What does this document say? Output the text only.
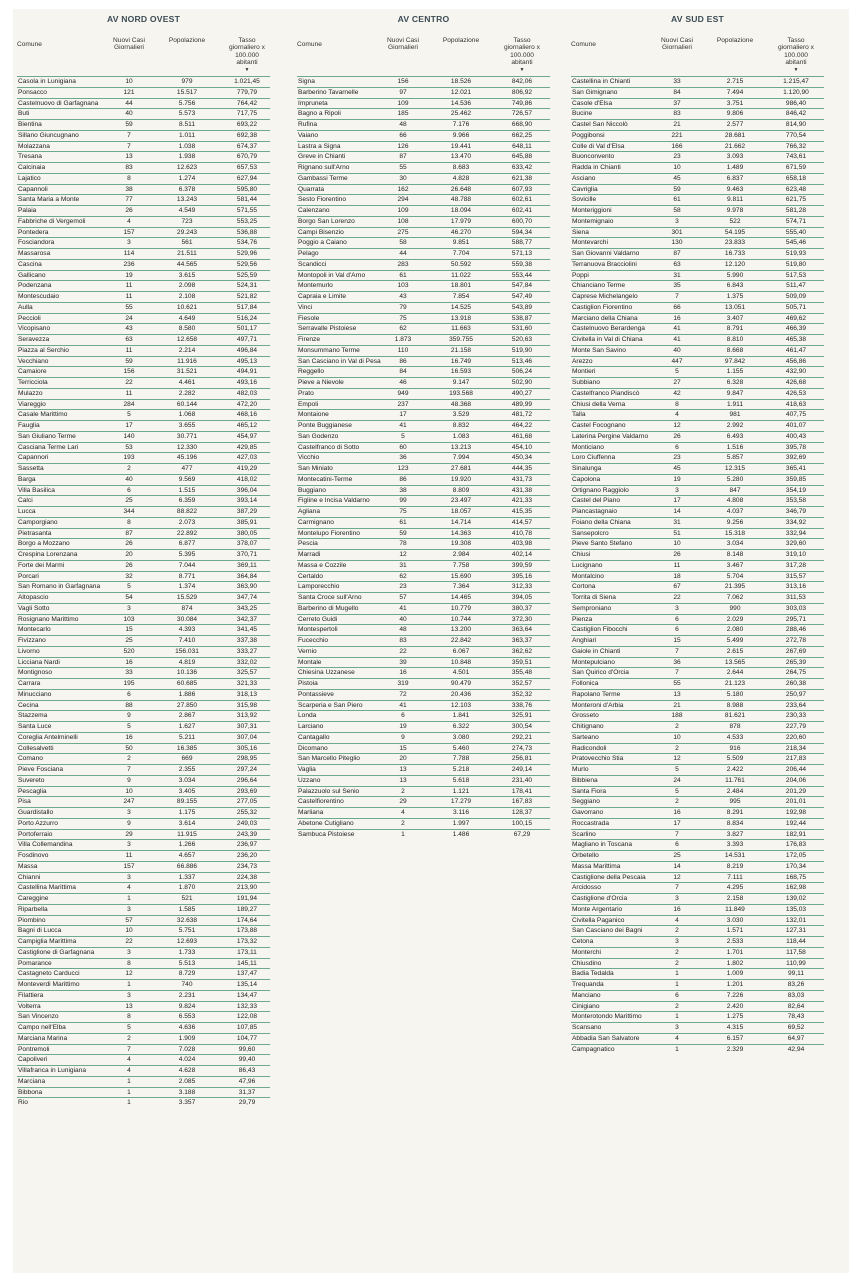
AV NORD OVEST
Comune
Nuovi Casi
Giornalieri
Popolazione	Tasso
giornaliero x
100.000
abitanti
▼
Casola in Lunigiana	10	979	1.021,45
Ponsacco	121	15.517	779,79
Castelnuovo di Garfagnana	44	5.756	764,42
Buti	40	5.573	717,75
Bientina	59	8.511	693,22
Sillano Giuncugnano	7	1.011	692,38
Molazzana	7	1.038	674,37
Tresana	13	1.938	670,79
Calcinaia	83	12.623	657,53
Lajatico	8	1.274	627,94
Capannoli	38	6.378	595,80
Santa Maria a Monte	77	13.243	581,44
Palaia	26	4.549	571,55
Fabbriche di Vergemoli	4	723	553,25
Pontedera	157	29.243	536,88
Fosciandora	3	561	534,76
Massarosa	114	21.511	529,96
Cascina	236	44.565	529,56
Gallicano	19	3.615	525,59
Podenzana	11	2.098	524,31
Montescudaio	11	2.108	521,82
Aulla	55	10.621	517,84
Peccioli	24	4.649	516,24
Vicopisano	43	8.580	501,17
Seravezza	63	12.658	497,71
Piazza al Serchio	11	2.214	496,84
Vecchiano	59	11.916	495,13
Camaiore	156	31.521	494,91
Terricciola	22	4.461	493,16
Mulazzo	11	2.282	482,03
Viareggio	284	60.144	472,20
Casale Marittimo	5	1.068	468,16
Fauglia	17	3.655	465,12
San Giuliano Terme	140	30.771	454,97
Casciana Terme Lari	53	12.330	429,85
Capannori	193	45.196	427,03
Sassetta	2	477	419,29
Barga	40	9.569	418,02
Villa Basilica	6	1.515	396,04
Calci	25	6.359	393,14
Lucca	344	88.822	387,29
Camporgiano	8	2.073	385,91
Pietrasanta	87	22.892	380,05
Borgo a Mozzano	26	6.877	378,07
Crespina Lorenzana	20	5.395	370,71
Forte dei Marmi	26	7.044	369,11
Porcari	32	8.771	364,84
San Romano in Garfagnana	5	1.374	363,90
Altopascio	54	15.529	347,74
Vagli Sotto	3	874	343,25
Rosignano Marittimo	103	30.084	342,37
Montecarlo	15	4.393	341,45
Fivizzano	25	7.410	337,38
Livorno	520	156.031	333,27
Licciana Nardi	16	4.819	332,02
Montignoso	33	10.136	325,57
Carrara	195	60.685	321,33
Minucciano	6	1.886	318,13
Cecina	88	27.850	315,98
Stazzema	9	2.867	313,92
Santa Luce	5	1.627	307,31
Coreglia Antelminelli	16	5.211	307,04
Collesalvetti	50	16.385	305,16
Comano	2	669	298,95
Pieve Fosciana	7	2.355	297,24
Suvereto	9	3.034	296,64
Pescaglia	10	3.405	293,69
Pisa	247	89.155	277,05
Guardistallo	3	1.175	255,32
Porto Azzurro	9	3.614	249,03
Portoferraio	29	11.915	243,39
Villa Collemandina	3	1.266	236,97
Fosdinovo	11	4.657	236,20
Massa	157	66.886	234,73
Chianni	3	1.337	224,38
Castellina Marittima	4	1.870	213,90
Careggine	1	521	191,94
Riparbella	3	1.585	189,27
Piombino	57	32.638	174,64
Bagni di Lucca	10	5.751	173,88
Campiglia Marittima	22	12.693	173,32
Castiglione di Garfagnana	3	1.733	173,11
Pomarance	8	5.513	145,11
Castagneto Carducci	12	8.729	137,47
Monteverdi Marittimo	1	740	135,14
Filattiera	3	2.231	134,47
Volterra	13	9.824	132,33
San Vincenzo	8	6.553	122,08
Campo nell'Elba	5	4.636	107,85
Marciana Marina	2	1.909	104,77
Pontremoli	7	7.028	99,60
Capoliveri	4	4.024	99,40
Villafranca in Lunigiana	4	4.628	86,43
Marciana	1	2.085	47,96
Bibbona	1	3.188	31,37
Rio	1	3.357	29,79
AV CENTRO
Comune
Nuovi Casi
Giornalieri
Popolazione	Tasso
giornaliero x
100.000
abitanti
▼
Signa	156	18.526	842,06
Barberino Tavarnelle	97	12.021	806,92
Impruneta	109	14.536	749,86
Bagno a Ripoli	185	25.462	726,57
Rufina	48	7.176	668,90
Vaiano	66	9.966	662,25
Lastra a Signa	126	19.441	648,11
Greve in Chianti	87	13.470	645,88
Rignano sull'Arno	55	8.683	633,42
Gambassi Terme	30	4.828	621,38
Quarrata	162	26.648	607,93
Sesto Fiorentino	294	48.788	602,61
Calenzano	109	18.094	602,41
Borgo San Lorenzo	108	17.979	600,70
Campi Bisenzio	275	46.270	594,34
Poggio a Caiano	58	9.851	588,77
Pelago	44	7.704	571,13
Scandicci	283	50.592	559,38
Montopoli in Val d'Arno	61	11.022	553,44
Montemurlo	103	18.801	547,84
Capraia e Limite	43	7.854	547,49
Vinci	79	14.525	543,89
Fiesole	75	13.918	538,87
Serravalle Pistoiese	62	11.663	531,60
Firenze	1.873	359.755	520,63
Monsummano Terme	110	21.158	519,90
San Casciano in Val di Pesa	86	16.749	513,46
Reggello	84	16.593	506,24
Pieve a Nievole	46	9.147	502,90
Prato	949	193.568	490,27
Empoli	237	48.368	489,99
Montaione	17	3.529	481,72
Ponte Buggianese	41	8.832	464,22
San Godenzo	5	1.083	461,68
Castelfranco di Sotto	60	13.213	454,10
Vicchio	36	7.994	450,34
San Miniato	123	27.681	444,35
Montecatini-Terme	86	19.920	431,73
Buggiano	38	8.809	431,38
Figline e Incisa Valdarno	99	23.497	421,33
Agliana	75	18.057	415,35
Carmignano	61	14.714	414,57
Montelupo Fiorentino	59	14.363	410,78
Pescia	78	19.308	403,98
Marradi	12	2.984	402,14
Massa e Cozzile	31	7.758	399,59
Certaldo	62	15.690	395,16
Lamporecchio	23	7.364	312,33
Santa Croce sull'Arno	57	14.465	394,05
Barberino di Mugello	41	10.779	380,37
Cerreto Guidi	40	10.744	372,30
Montespertoli	48	13.200	363,64
Fucecchio	83	22.842	363,37
Vernio	22	6.067	362,62
Montale	39	10.848	359,51
Chiesina Uzzanese	16	4.501	355,48
Pistoia	319	90.479	352,57
Pontassieve	72	20.436	352,32
Scarperia e San Piero	41	12.103	338,76
Londa	6	1.841	325,91
Larciano	19	6.322	300,54
Cantagallo	9	3.080	292,21
Dicomano	15	5.460	274,73
San Marcello Piteglio	20	7.788	256,81
Vaglia	13	5.218	249,14
Uzzano	13	5.618	231,40
Palazzuolo sul Senio	2	1.121	178,41
Castelfiorentino	29	17.279	167,83
Marliana	4	3.116	128,37
Abetone Cutigliano	2	1.997	100,15
Sambuca Pistoiese	1	1.486	67,29
AV SUD EST
Comune
Nuovi Casi
Giornalieri
Popolazione	Tasso
giornaliero x
100.000
abitanti
▼
Castellina in Chianti	33	2.715	1.215,47
San Gimignano	84	7.494	1.120,90
Casole d'Elsa	37	3.751	986,40
Bucine	83	9.806	846,42
Castel San Niccolò	21	2.577	814,90
Poggibonsi	221	28.681	770,54
Colle di Val d'Elsa	166	21.662	766,32
Buonconvento	23	3.093	743,61
Radda in Chianti	10	1.489	671,59
Asciano	45	6.837	658,18
Cavriglia	59	9.463	623,48
Sovicille	61	9.811	621,75
Monteriggioni	58	9.978	581,28
Montemignaio	3	522	574,71
Siena	301	54.195	555,40
Montevarchi	130	23.833	545,46
San Giovanni Valdarno	87	16.733	519,93
Terranuova Bracciolini	63	12.120	519,80
Poppi	31	5.990	517,53
Chianciano Terme	35	6.843	511,47
Caprese Michelangelo	7	1.375	509,09
Castiglion Fiorentino	66	13.051	505,71
Marciano della Chiana	16	3.407	469,62
Castelnuovo Berardenga	41	8.791	466,39
Civitella in Val di Chiana	41	8.810	465,38
Monte San Savino	40	8.668	461,47
Arezzo	447	97.842	456,86
Montieri	5	1.155	432,90
Subbiano	27	6.328	426,68
Castelfranco Piandiscò	42	9.847	426,53
Chiusi della Verna	8	1.911	418,63
Talla	4	981	407,75
Castel Focognano	12	2.992	401,07
Laterina Pergine Valdarno	26	6.493	400,43
Monticiano	6	1.516	395,78
Loro Ciuffenna	23	5.857	392,69
Sinalunga	45	12.315	365,41
Capolona	19	5.280	359,85
Ortignano Raggiolo	3	847	354,19
Castel del Piano	17	4.808	353,58
Piancastagnaio	14	4.037	346,79
Foiano della Chiana	31	9.256	334,92
Sansepolcro	51	15.318	332,94
Pieve Santo Stefano	10	3.034	329,60
Chiusi	26	8.148	319,10
Lucignano	11	3.467	317,28
Montalcino	18	5.704	315,57
Cortona	67	21.395	313,16
Torrita di Siena	22	7.062	311,53
Semproniano	3	990	303,03
Pienza	6	2.029	295,71
Castiglion Fibocchi	6	2.080	288,46
Anghiari	15	5.499	272,78
Gaiole in Chianti	7	2.615	267,69
Montepulciano	36	13.565	265,39
San Quirico d'Orcia	7	2.644	264,75
Follonica	55	21.123	260,38
Rapolano Terme	13	5.180	250,97
Monteroni d'Arbia	21	8.988	233,64
Grosseto	188	81.621	230,33
Chitignano	2	878	227,79
Sarteano	10	4.533	220,60
Radicondoli	2	916	218,34
Pratovecchio Stia	12	5.509	217,83
Murlo	5	2.422	206,44
Bibbiena	24	11.761	204,06
Santa Fiora	5	2.484	201,29
Seggiano	2	995	201,01
Gavorrano	16	8.291	192,98
Roccastrada	17	8.834	192,44
Scarlino	7	3.827	182,91
Magliano in Toscana	6	3.393	176,83
Orbetello	25	14.531	172,05
Massa Marittima	14	8.219	170,34
Castiglione della Pescaia	12	7.111	168,75
Arcidosso	7	4.295	162,98
Castiglione d'Orcia	3	2.158	139,02
Monte Argentario	16	11.849	135,03
Civitella Paganico	4	3.030	132,01
San Casciano dei Bagni	2	1.571	127,31
Cetona	3	2.533	118,44
Monterchi	2	1.701	117,58
Chiusdino	2	1.802	110,99
Badia Tedalda	1	1.009	99,11
Trequanda	1	1.201	83,26
Manciano	6	7.226	83,03
Cinigiano	2	2.420	82,64
Monterotondo Marittimo	1	1.275	78,43
Scansano	3	4.315	69,52
Abbadia San Salvatore	4	6.157	64,97
Campagnatico	1	2.329	42,94
